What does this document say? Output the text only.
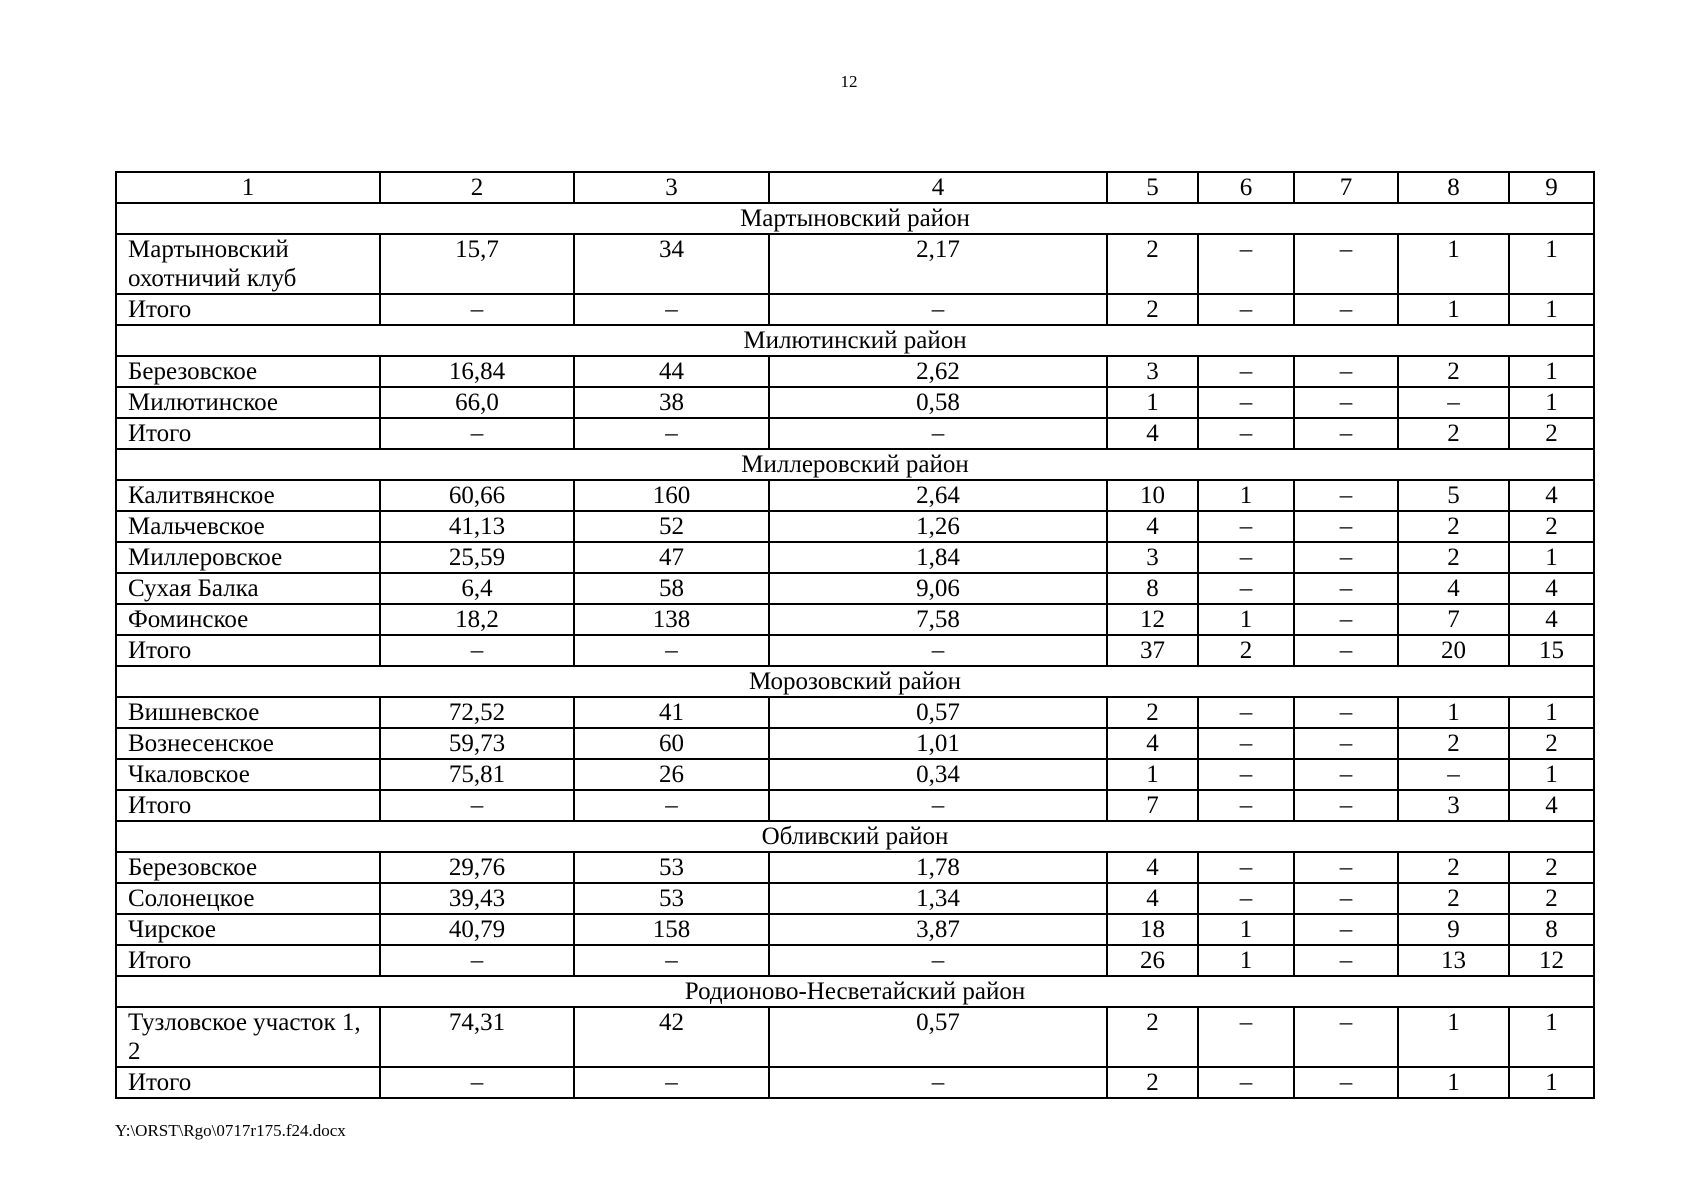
12
1	2	3	4	5	6	7	8	9
Мартыновский район								
Мартыновский охотничий клуб	15,7	34	2,17	2	–	–	1	1
Итого	–	–	–	2	–	–	1	1
Милютинский район								
Березовское	16,84	44	2,62	3	–	–	2	1
Милютинское	66,0	38	0,58	1	–	–	–	1
Итого	–	–	–	4	–	–	2	2
Миллеровский район								
Калитвянское	60,66	160	2,64	10	1	–	5	4
Мальчевское	41,13	52	1,26	4	–	–	2	2
Миллеровское	25,59	47	1,84	3	–	–	2	1
Сухая Балка	6,4	58	9,06	8	–	–	4	4
Фоминское	18,2	138	7,58	12	1	–	7	4
Итого	–	–	–	37	2	–	20	15
Морозовский район								
Вишневское	72,52	41	0,57	2	–	–	1	1
Вознесенское	59,73	60	1,01	4	–	–	2	2
Чкаловское	75,81	26	0,34	1	–	–	–	1
Итого	–	–	–	7	–	–	3	4
Обливский район								
Березовское	29,76	53	1,78	4	–	–	2	2
Солонецкое	39,43	53	1,34	4	–	–	2	2
Чирское	40,79	158	3,87	18	1	–	9	8
Итого	–	–	–	26	1	–	13	12
Родионово-Несветайский район								
Тузловское участок 1, 2	74,31	42	0,57	2	–	–	1	1
Итого	–	–	–	2	–	–	1	1
Y:\ORST\Rgo\0717r175.f24.docx
